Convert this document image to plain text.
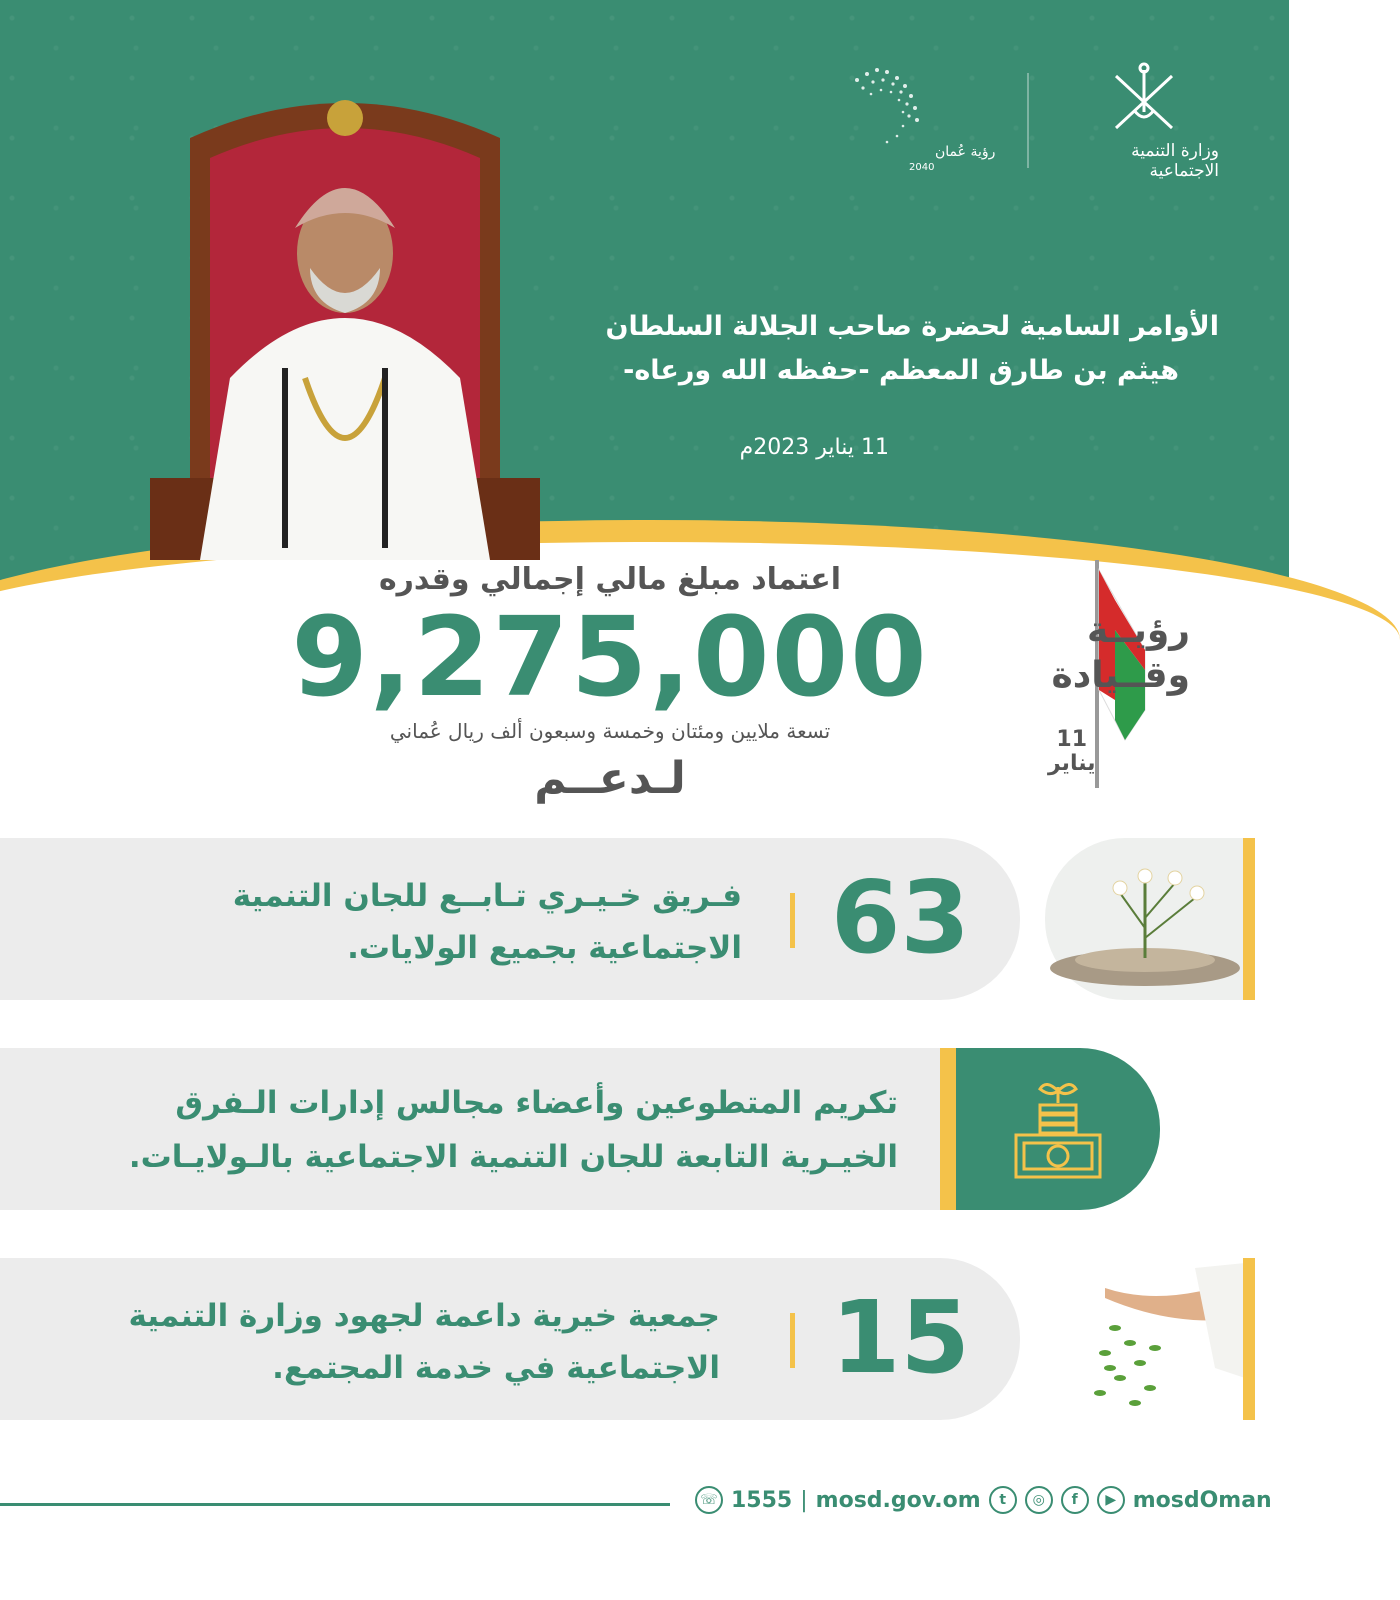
رؤية عُمان
2040
وزارة التنمية الاجتماعية
الأوامر السامية لحضرة صاحب الجلالة السلطان
هيثم بن طارق المعظم -حفظه الله ورعاه-
11 يناير 2023م
اعتماد مبلغ مالي إجمالي وقدره
9,275,000
تسعة ملايين ومئتان وخمسة وسبعون ألف ريال عُماني
لـدعــم
رؤيــة
وقــيادة
11
يناير
63
فـريق خـيـري تـابــع للجان التنمية
الاجتماعية بجميع الولايات.
تكريم المتطوعين وأعضاء مجالس إدارات الـفرق
الخيـرية التابعة للجان التنمية الاجتماعية بالـولايـات.
15
جمعية خيرية داعمة لجهود وزارة التنمية
الاجتماعية في خدمة المجتمع.
☏ 1555 | mosd.gov.om	t	◎	f	▶ mosdOman
